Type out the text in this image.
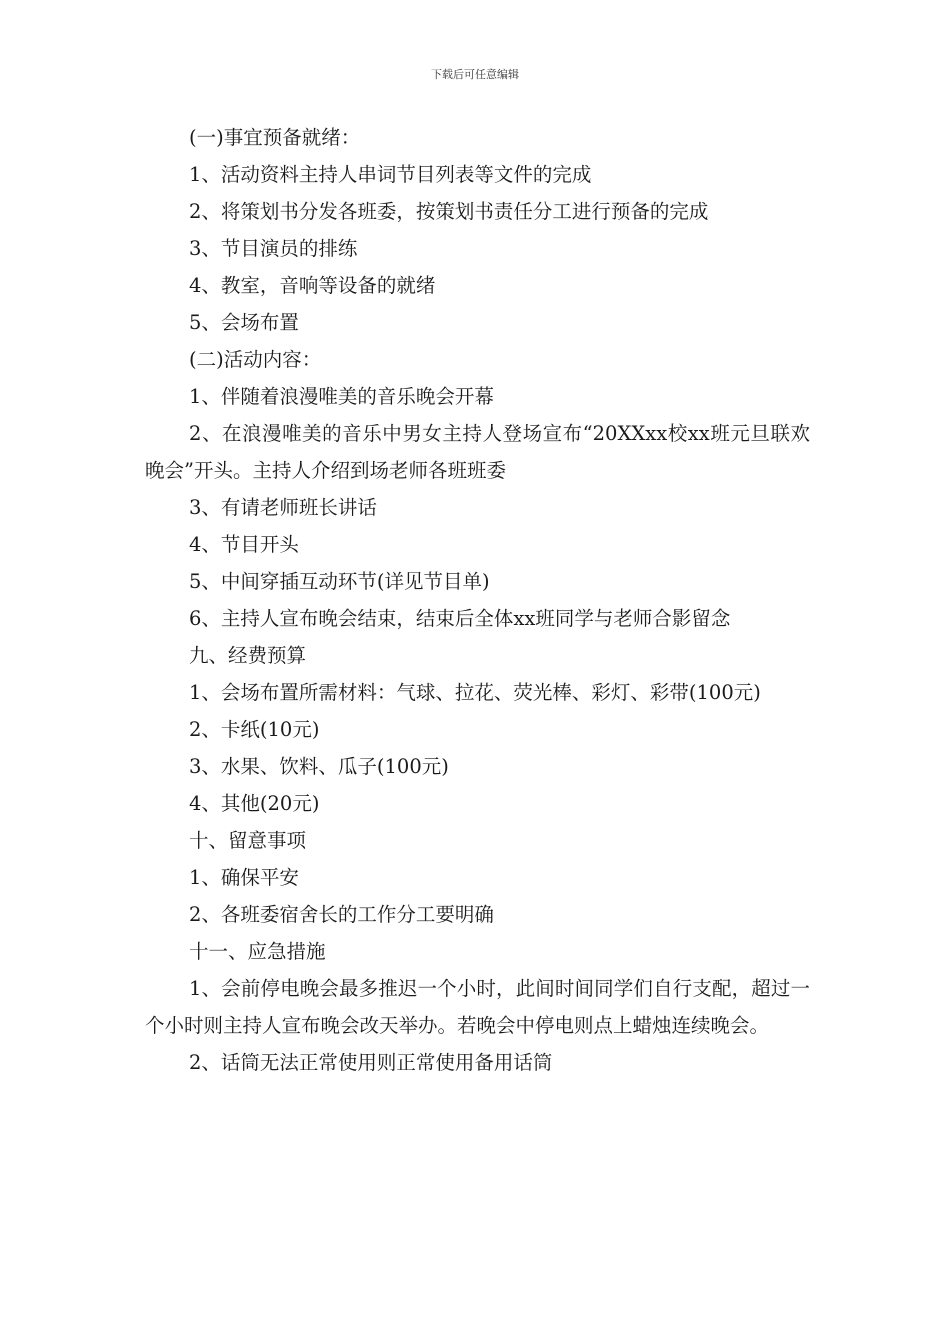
下载后可任意编辑

(一)事宜预备就绪：

1、活动资料主持人串词节目列表等文件的完成

2、将策划书分发各班委，按策划书责任分工进行预备的完成

3、节目演员的排练

4、教室，音响等设备的就绪

5、会场布置

(二)活动内容：

1、伴随着浪漫唯美的音乐晚会开幕

2、在浪漫唯美的音乐中男女主持人登场宣布“20XXxx校xx班元旦联欢晚会”开头。主持人介绍到场老师各班班委

3、有请老师班长讲话

4、节目开头

5、中间穿插互动环节(详见节目单)

6、主持人宣布晚会结束，结束后全体xx班同学与老师合影留念

九、经费预算

1、会场布置所需材料：气球、拉花、荧光棒、彩灯、彩带(100元)

2、卡纸(10元)

3、水果、饮料、瓜子(100元)

4、其他(20元)

十、留意事项

1、确保平安

2、各班委宿舍长的工作分工要明确

十一、应急措施

1、会前停电晚会最多推迟一个小时，此间时间同学们自行支配，超过一个小时则主持人宣布晚会改天举办。若晚会中停电则点上蜡烛连续晚会。

2、话筒无法正常使用则正常使用备用话筒
